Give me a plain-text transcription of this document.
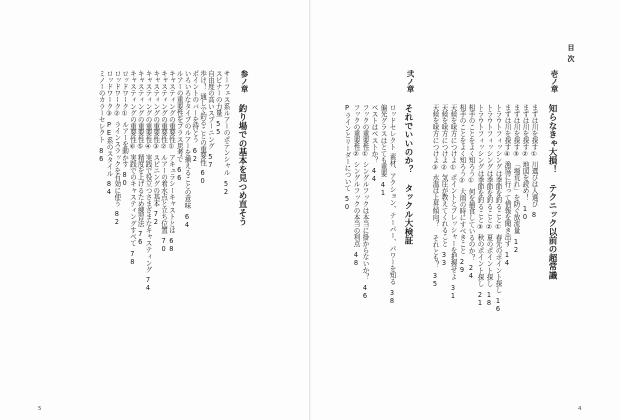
目次
壱ノ章
知らなきゃ大損！ テクニック以前の超常識
まずは川を探す①川選びは人選び8
まずは川を探す②地図を読め！10
まずは川を探す③「場荒れ」を防ぐ放流量12
まずは川を探す④漁協に行って情報を聞き出す14
トラウトフィッシングは季節を釣ること①春先のポイント探し16
トラウトフィッシングは季節を釣ること②夏のポイント探し18
トラウトフィッシングは季節を釣ること③秋のポイント探し21
相手のことをよく知ろう①何を捕食しているのか？24
相手のことをよく知ろう②大雨の時にすべきこと29
天候を味方につけよ①ポイントとプレッシャーを把握せよ31
天候を味方につけよ②気圧が教えてくれること33
天候を味方につけよ③水温は上昇傾向？ それとも？35
弐ノ章
それでいいのか？ タックル大検証
ロッドセレクト素材、アクション、テーパー、パワーを知る38
偏光グラスはとても重要41
ベストはベストか？44
フックの重要性①シングルフックは本当に掛からないか？46
フックの重要性②シングルフックの本当の利点48
Pラインとリーダーについて50
参ノ章
釣り場での基本を見つめ直そう
サーフェス系ルアーのポテンシャル52
スピナーの力量55
自由度の高いスプーニング57
歩け！通しで釣ることの重要性60
ポイントのバーを持とう62
いろいろなタイプのルアーを揃えることの意味64
ルアーの重要性をプラス思考で66
キャスティングの重要性①アキュラシーキャストとは68
キャスティングの重要性②ルアーの着水点と立ち位置70
キャスティングの重要性③スピニングの基本72
キャスティングの重要性④実践で役立つさまざまなキャスティング74
キャスティングの重要性⑤精度を上げるため練習法76
キャスティングの重要性⑥実践でのキャスティングすべて78
ロッドワーク①ルアーを動かす80
ロッドワーク②ラインスラックを有効に使う82
ロッドワーク③PE系のスタイル84
ミノーのカラーセレクト86
5	4
